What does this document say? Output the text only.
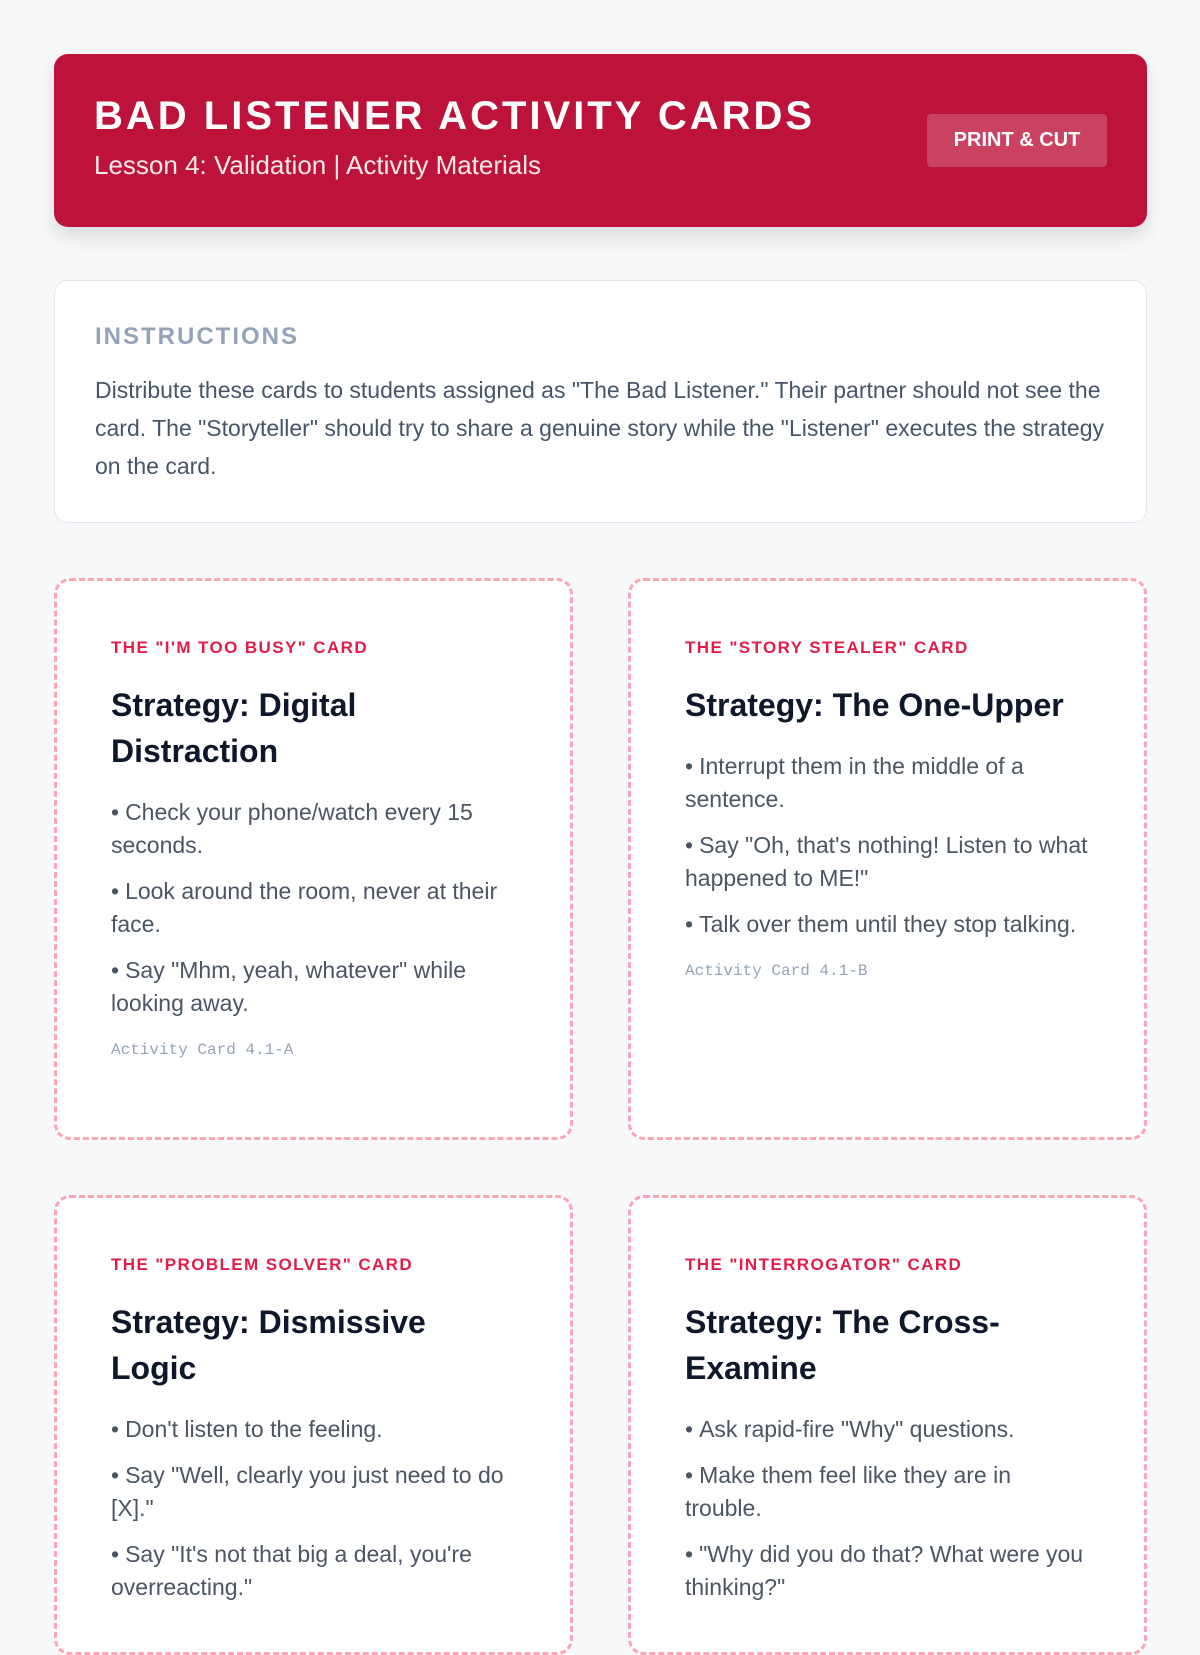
BAD LISTENER ACTIVITY CARDS
Lesson 4: Validation | Activity Materials
PRINT & CUT
INSTRUCTIONS
Distribute these cards to students assigned as "The Bad Listener." Their partner should not see the card. The "Storyteller" should try to share a genuine story while the "Listener" executes the strategy on the card.
THE "I'M TOO BUSY" CARD
Strategy: Digital Distraction
• Check your phone/watch every 15 seconds.
• Look around the room, never at their face.
• Say "Mhm, yeah, whatever" while looking away.
Activity Card 4.1-A
THE "STORY STEALER" CARD
Strategy: The One-Upper
• Interrupt them in the middle of a sentence.
• Say "Oh, that's nothing! Listen to what happened to ME!"
• Talk over them until they stop talking.
Activity Card 4.1-B
THE "PROBLEM SOLVER" CARD
Strategy: Dismissive Logic
• Don't listen to the feeling.
• Say "Well, clearly you just need to do [X]."
• Say "It's not that big a deal, you're overreacting."
THE "INTERROGATOR" CARD
Strategy: The Cross-Examine
• Ask rapid-fire "Why" questions.
• Make them feel like they are in trouble.
• "Why did you do that? What were you thinking?"
